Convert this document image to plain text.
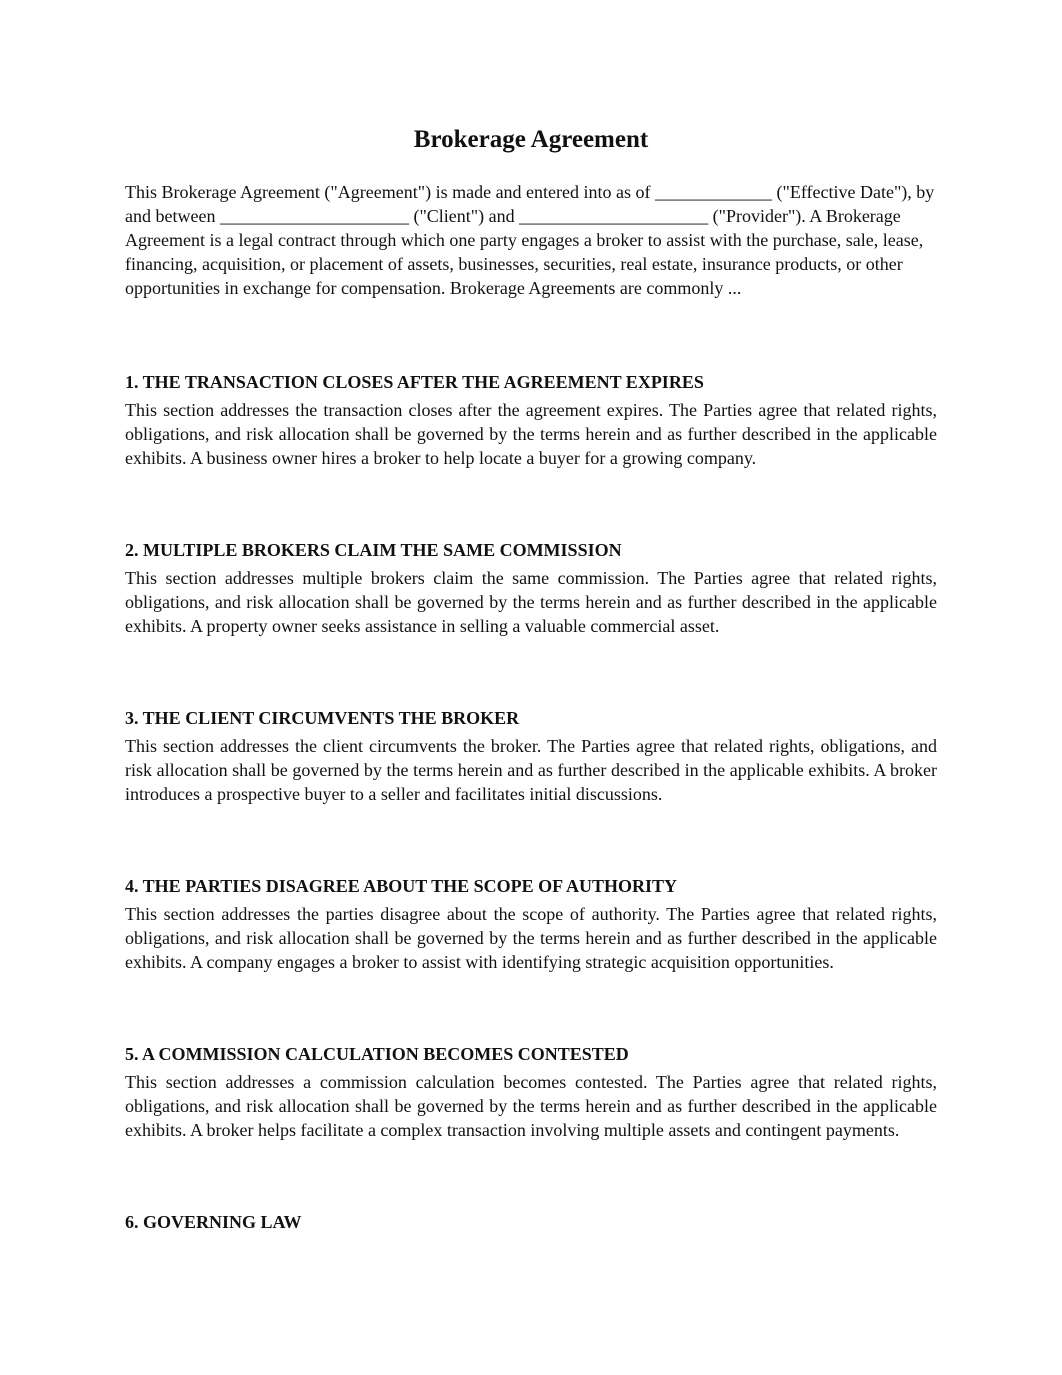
Brokerage Agreement

This Brokerage Agreement ("Agreement") is made and entered into as of _____________ ("Effective Date"), by and between _____________________ ("Client") and _____________________ ("Provider"). A Brokerage Agreement is a legal contract through which one party engages a broker to assist with the purchase, sale, lease, financing, acquisition, or placement of assets, businesses, securities, real estate, insurance products, or other opportunities in exchange for compensation. Brokerage Agreements are commonly ...

1. THE TRANSACTION CLOSES AFTER THE AGREEMENT EXPIRES

This section addresses the transaction closes after the agreement expires. The Parties agree that related rights, obligations, and risk allocation shall be governed by the terms herein and as further described in the applicable exhibits. A business owner hires a broker to help locate a buyer for a growing company.

2. MULTIPLE BROKERS CLAIM THE SAME COMMISSION

This section addresses multiple brokers claim the same commission. The Parties agree that related rights, obligations, and risk allocation shall be governed by the terms herein and as further described in the applicable exhibits. A property owner seeks assistance in selling a valuable commercial asset.

3. THE CLIENT CIRCUMVENTS THE BROKER

This section addresses the client circumvents the broker. The Parties agree that related rights, obligations, and risk allocation shall be governed by the terms herein and as further described in the applicable exhibits. A broker introduces a prospective buyer to a seller and facilitates initial discussions.

4. THE PARTIES DISAGREE ABOUT THE SCOPE OF AUTHORITY

This section addresses the parties disagree about the scope of authority. The Parties agree that related rights, obligations, and risk allocation shall be governed by the terms herein and as further described in the applicable exhibits. A company engages a broker to assist with identifying strategic acquisition opportunities.

5. A COMMISSION CALCULATION BECOMES CONTESTED

This section addresses a commission calculation becomes contested. The Parties agree that related rights, obligations, and risk allocation shall be governed by the terms herein and as further described in the applicable exhibits. A broker helps facilitate a complex transaction involving multiple assets and contingent payments.

6. GOVERNING LAW
